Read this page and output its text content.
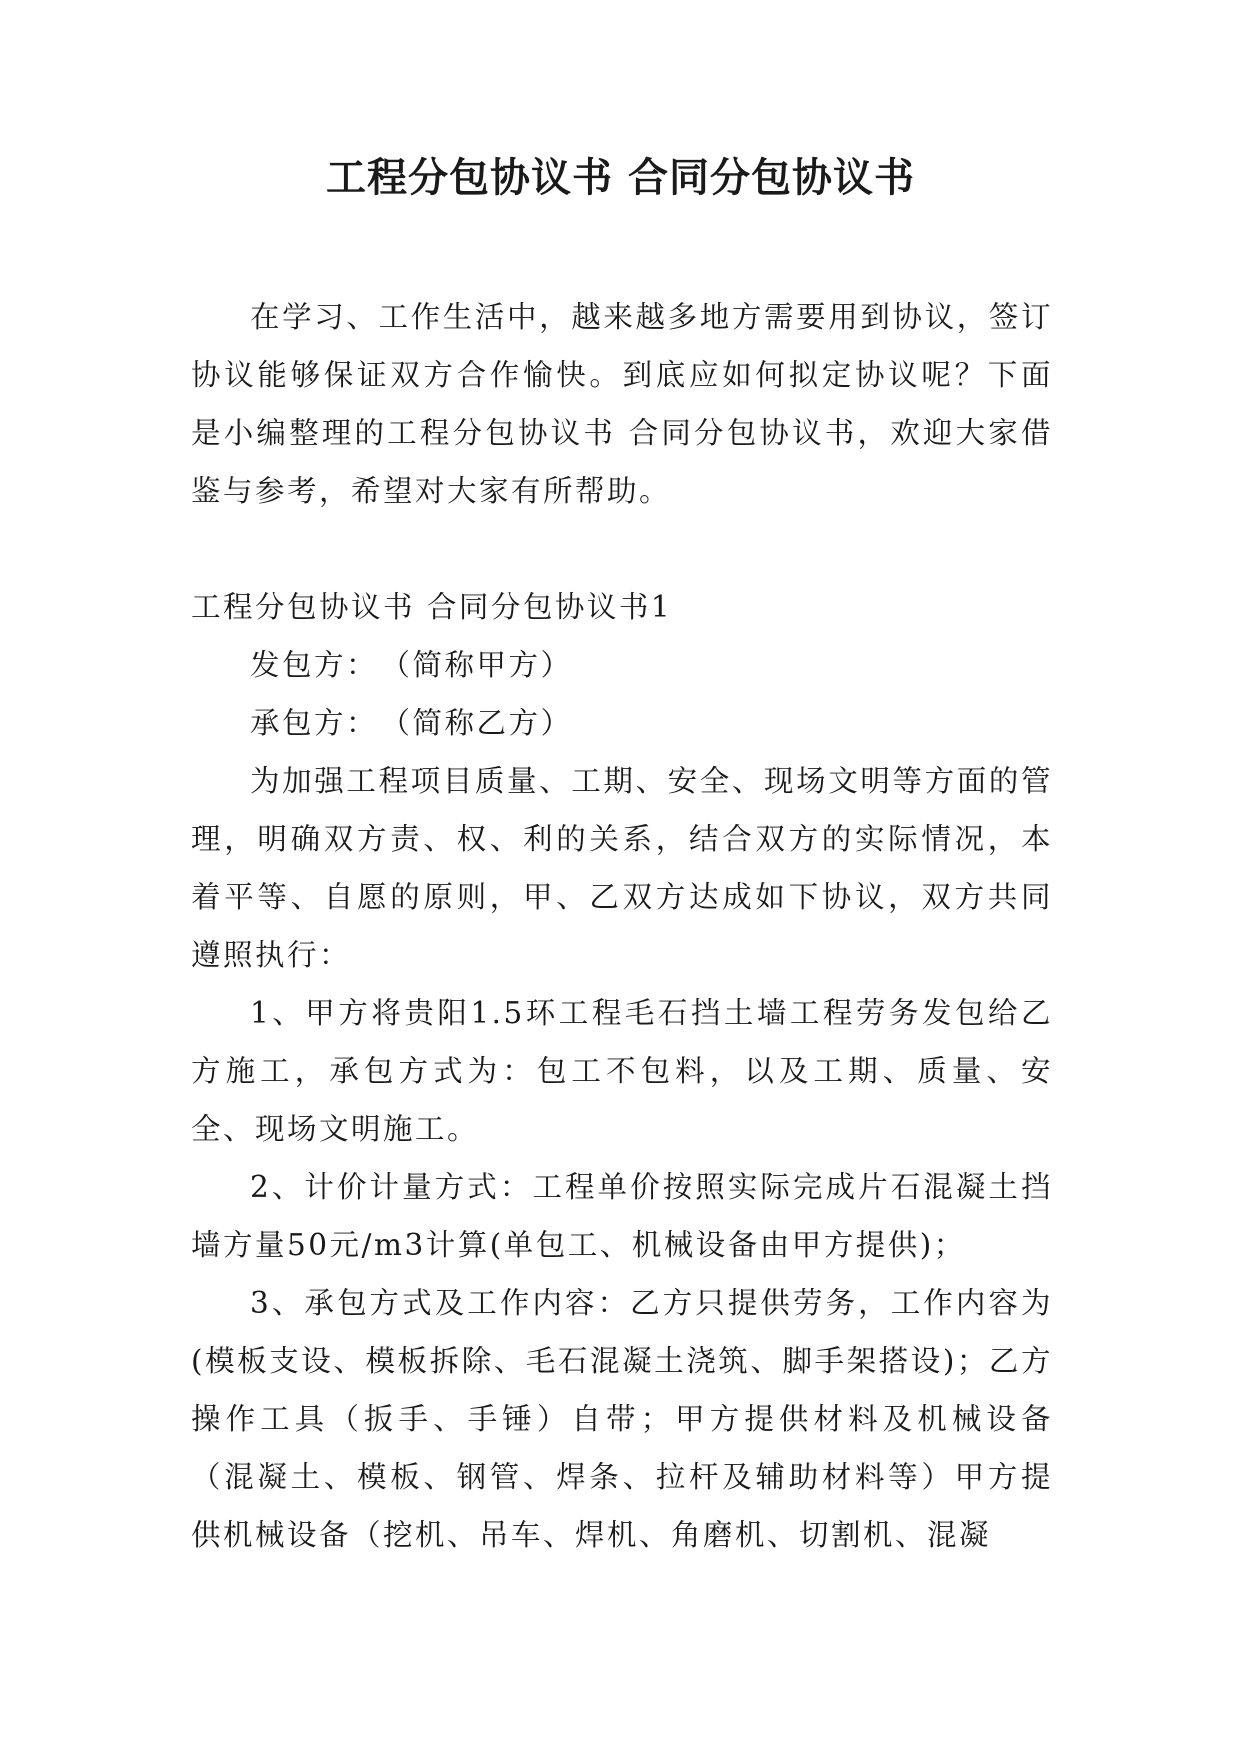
工程分包协议书 合同分包协议书

在学习、工作生活中，越来越多地方需要用到协议，签订协议能够保证双方合作愉快。到底应如何拟定协议呢？下面是小编整理的工程分包协议书 合同分包协议书，欢迎大家借鉴与参考，希望对大家有所帮助。

工程分包协议书 合同分包协议书1

发包方：　（简称甲方）

承包方：　（简称乙方）

为加强工程项目质量、工期、安全、现场文明等方面的管理，明确双方责、权、利的关系，结合双方的实际情况，本着平等、自愿的原则，甲、乙双方达成如下协议，双方共同遵照执行：

1、甲方将贵阳1.5环工程毛石挡土墙工程劳务发包给乙方施工，承包方式为：包工不包料，以及工期、质量、安全、现场文明施工。

2、计价计量方式：工程单价按照实际完成片石混凝土挡墙方量50元/m3计算(单包工、机械设备由甲方提供)；

3、承包方式及工作内容：乙方只提供劳务，工作内容为(模板支设、模板拆除、毛石混凝土浇筑、脚手架搭设)；乙方操作工具（扳手、手锤）自带；甲方提供材料及机械设备（混凝土、模板、钢管、焊条、拉杆及辅助材料等）甲方提供机械设备（挖机、吊车、焊机、角磨机、切割机、混凝
